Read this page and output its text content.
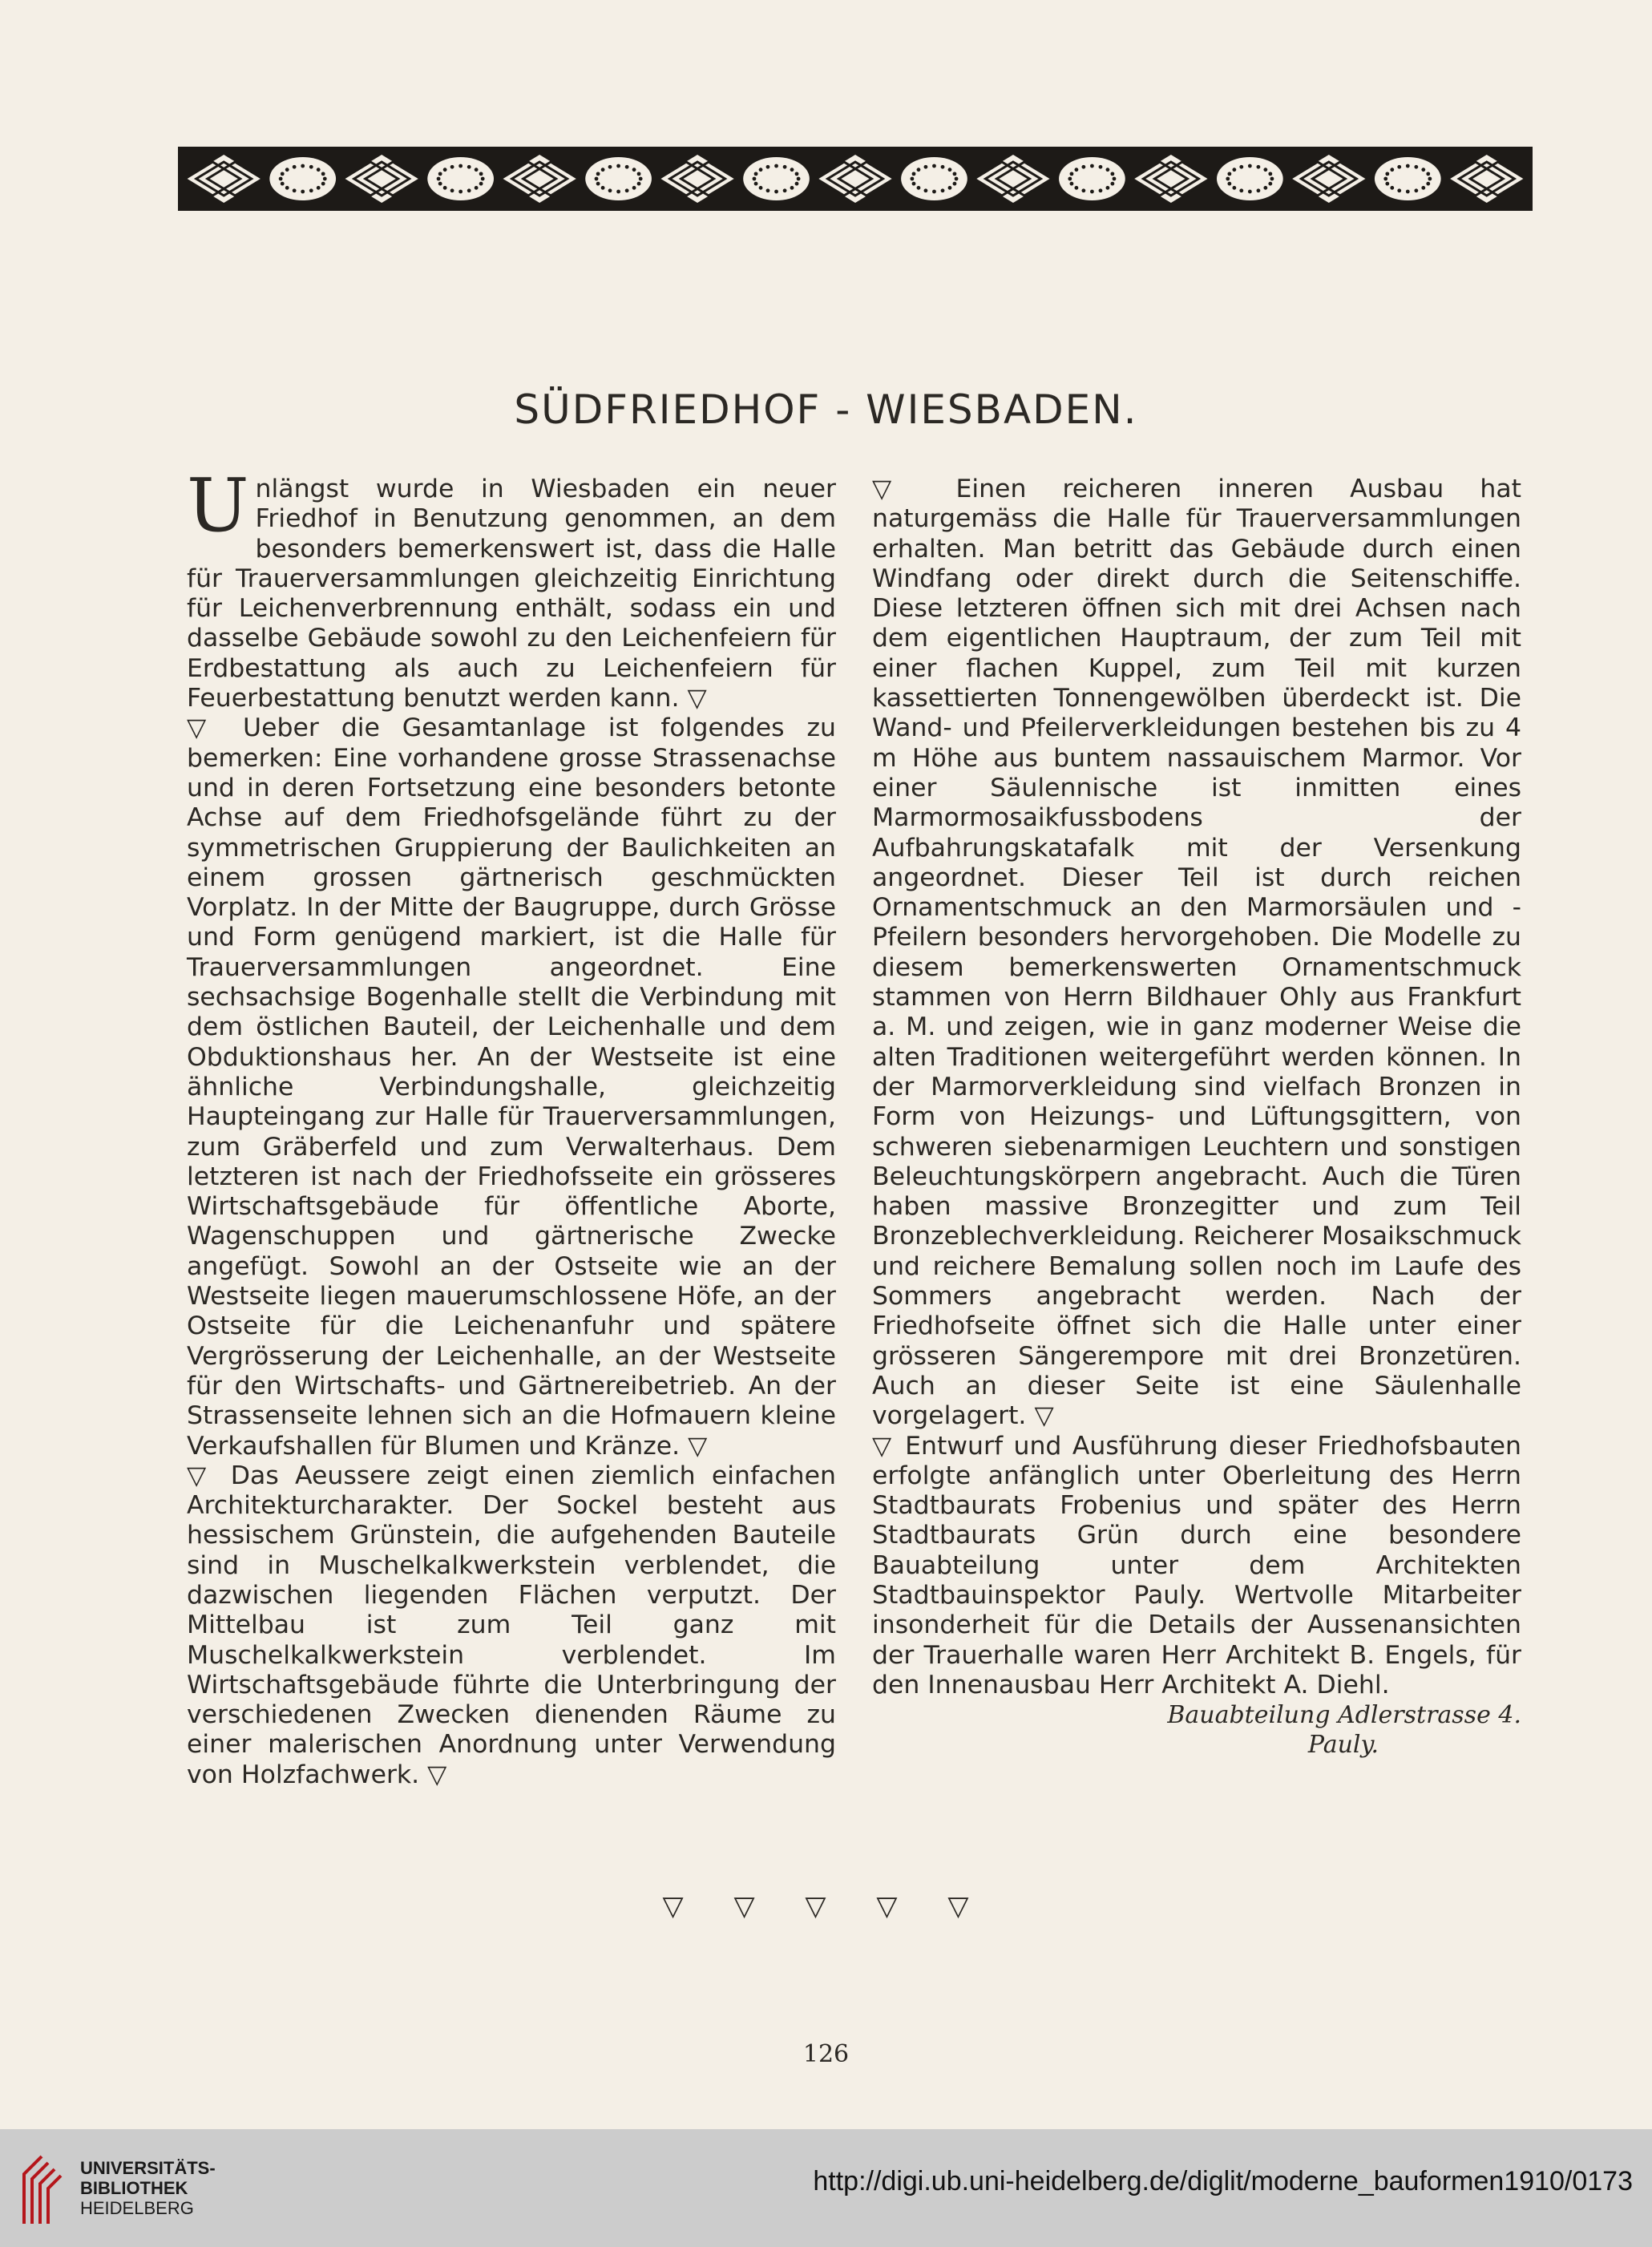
SÜDFRIEDHOF - WIESBADEN.

Unlängst wurde in Wiesbaden ein neuer Friedhof in Benutzung genommen, an dem besonders bemerkenswert ist, dass die Halle für Trauerversammlungen gleichzeitig Einrichtung für Leichenverbrennung enthält, sodass ein und dasselbe Gebäude sowohl zu den Leichenfeiern für Erdbestattung als auch zu Leichenfeiern für Feuerbestattung benutzt werden kann. ▽

▽ Ueber die Gesamtanlage ist folgendes zu bemerken: Eine vorhandene grosse Strassenachse und in deren Fortsetzung eine besonders betonte Achse auf dem Friedhofsgelände führt zu der symmetrischen Gruppierung der Baulichkeiten an einem grossen gärtnerisch geschmückten Vorplatz. In der Mitte der Baugruppe, durch Grösse und Form genügend markiert, ist die Halle für Trauerversammlungen angeordnet. Eine sechsachsige Bogenhalle stellt die Verbindung mit dem östlichen Bauteil, der Leichenhalle und dem Obduktionshaus her. An der Westseite ist eine ähnliche Verbindungshalle, gleichzeitig Haupteingang zur Halle für Trauerversammlungen, zum Gräberfeld und zum Verwalterhaus. Dem letzteren ist nach der Friedhofsseite ein grösseres Wirtschaftsgebäude für öffentliche Aborte, Wagenschuppen und gärtnerische Zwecke angefügt. Sowohl an der Ostseite wie an der Westseite liegen mauerumschlossene Höfe, an der Ostseite für die Leichenanfuhr und spätere Vergrösserung der Leichenhalle, an der Westseite für den Wirtschafts- und Gärtnereibetrieb. An der Strassenseite lehnen sich an die Hofmauern kleine Verkaufshallen für Blumen und Kränze. ▽

▽ Das Aeussere zeigt einen ziemlich einfachen Architekturcharakter. Der Sockel besteht aus hessischem Grünstein, die aufgehenden Bauteile sind in Muschelkalkwerkstein verblendet, die dazwischen liegenden Flächen verputzt. Der Mittelbau ist zum Teil ganz mit Muschelkalkwerkstein verblendet. Im Wirtschaftsgebäude führte die Unterbringung der verschiedenen Zwecken dienenden Räume zu einer malerischen Anordnung unter Verwendung von Holzfachwerk. ▽

▽ Einen reicheren inneren Ausbau hat naturgemäss die Halle für Trauerversammlungen erhalten. Man betritt das Gebäude durch einen Windfang oder direkt durch die Seitenschiffe. Diese letzteren öffnen sich mit drei Achsen nach dem eigentlichen Hauptraum, der zum Teil mit einer flachen Kuppel, zum Teil mit kurzen kassettierten Tonnengewölben überdeckt ist. Die Wand- und Pfeilerverkleidungen bestehen bis zu 4 m Höhe aus buntem nassauischem Marmor. Vor einer Säulennische ist inmitten eines Marmormosaikfussbodens der Aufbahrungskatafalk mit der Versenkung angeordnet. Dieser Teil ist durch reichen Ornamentschmuck an den Marmorsäulen und -Pfeilern besonders hervorgehoben. Die Modelle zu diesem bemerkenswerten Ornamentschmuck stammen von Herrn Bildhauer Ohly aus Frankfurt a. M. und zeigen, wie in ganz moderner Weise die alten Traditionen weitergeführt werden können. In der Marmorverkleidung sind vielfach Bronzen in Form von Heizungs- und Lüftungsgittern, von schweren siebenarmigen Leuchtern und sonstigen Beleuchtungskörpern angebracht. Auch die Türen haben massive Bronzegitter und zum Teil Bronzeblechverkleidung. Reicherer Mosaikschmuck und reichere Bemalung sollen noch im Laufe des Sommers angebracht werden. Nach der Friedhofseite öffnet sich die Halle unter einer grösseren Sängerempore mit drei Bronzetüren. Auch an dieser Seite ist eine Säulenhalle vorgelagert. ▽

▽ Entwurf und Ausführung dieser Friedhofsbauten erfolgte anfänglich unter Oberleitung des Herrn Stadtbaurats Frobenius und später des Herrn Stadtbaurats Grün durch eine besondere Bauabteilung unter dem Architekten Stadtbauinspektor Pauly. Wertvolle Mitarbeiter insonderheit für die Details der Aussenansichten der Trauerhalle waren Herr Architekt B. Engels, für den Innenausbau Herr Architekt A. Diehl.

Bauabteilung Adlerstrasse 4.
Pauly.
▽ ▽ ▽ ▽ ▽
126
UNIVERSITÄTS-
BIBLIOTHEK
HEIDELBERG
http://digi.ub.uni-heidelberg.de/diglit/moderne_bauformen1910/0173
